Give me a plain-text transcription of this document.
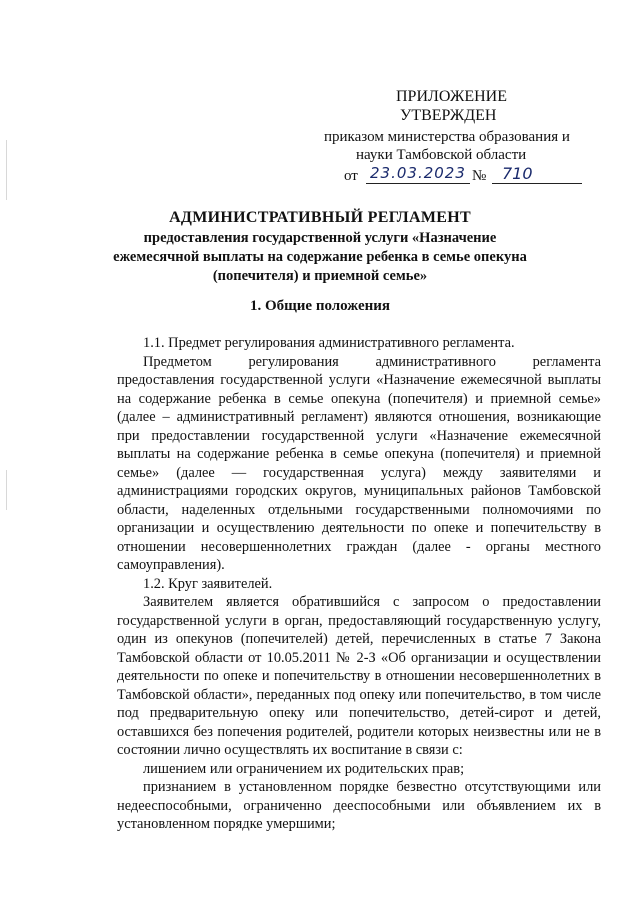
ПРИЛОЖЕНИЕ
УТВЕРЖДЕН
приказом министерства образования и
науки Тамбовской области
от 23.03.2023 № 710
АДМИНИСТРАТИВНЫЙ РЕГЛАМЕНТ
предоставления государственной услуги «Назначение ежемесячной выплаты на содержание ребенка в семье опекуна (попечителя) и приемной семье»
1. Общие положения

1.1. Предмет регулирования административного регламента.

Предметом регулирования административного регламента предоставления государственной услуги «Назначение ежемесячной выплаты на содержание ребенка в семье опекуна (попечителя) и приемной семье» (далее – административный регламент) являются отношения, возникающие при предоставлении государственной услуги «Назначение ежемесячной выплаты на содержание ребенка в семье опекуна (попечителя) и приемной семье» (далее — государственная услуга) между заявителями и администрациями городских округов, муниципальных районов Тамбовской области, наделенных отдельными государственными полномочиями по организации и осуществлению деятельности по опеке и попечительству в отношении несовершеннолетних граждан (далее - органы местного самоуправления).

1.2. Круг заявителей.

Заявителем является обратившийся с запросом о предоставлении государственной услуги в орган, предоставляющий государственную услугу, один из опекунов (попечителей) детей, перечисленных в статье 7 Закона Тамбовской области от 10.05.2011 № 2-З «Об организации и осуществлении деятельности по опеке и попечительству в отношении несовершеннолетних в Тамбовской области», переданных под опеку или попечительство, в том числе под предварительную опеку или попечительство, детей-сирот и детей, оставшихся без попечения родителей, родители которых неизвестны или не в состоянии лично осуществлять их воспитание в связи с:

лишением или ограничением их родительских прав;

признанием в установленном порядке безвестно отсутствующими или недееспособными, ограниченно дееспособными или объявлением их в установленном порядке умершими;
